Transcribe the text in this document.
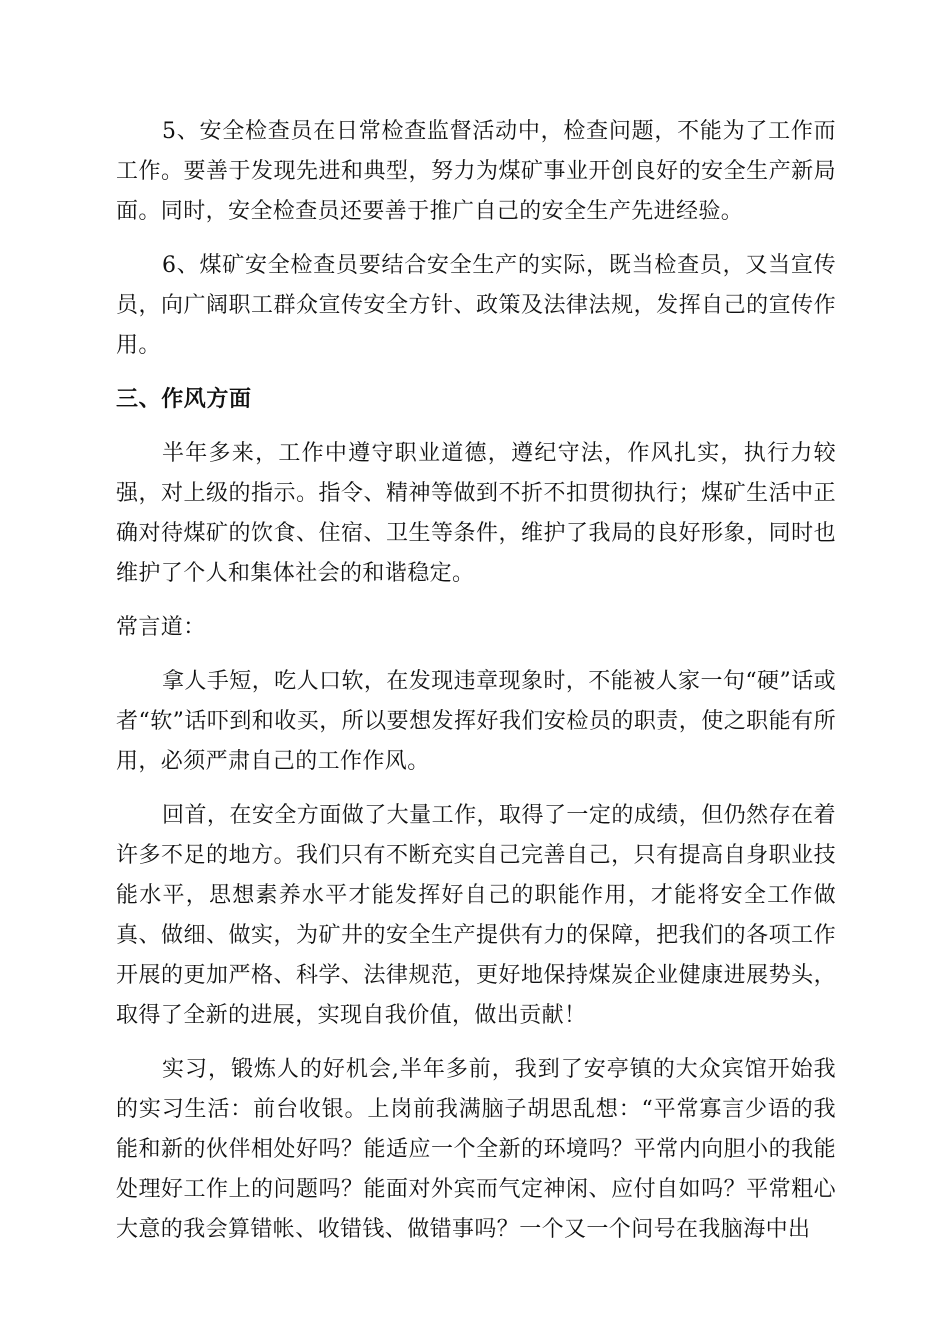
5、安全检查员在日常检查监督活动中，检查问题，不能为了工作而工作。要善于发现先进和典型，努力为煤矿事业开创良好的安全生产新局面。同时，安全检查员还要善于推广自己的安全生产先进经验。

6、煤矿安全检查员要结合安全生产的实际，既当检查员，又当宣传员，向广阔职工群众宣传安全方针、政策及法律法规，发挥自己的宣传作用。

三、作风方面

半年多来，工作中遵守职业道德，遵纪守法，作风扎实，执行力较强，对上级的指示。指令、精神等做到不折不扣贯彻执行；煤矿生活中正确对待煤矿的饮食、住宿、卫生等条件，维护了我局的良好形象，同时也维护了个人和集体社会的和谐稳定。

常言道：

拿人手短，吃人口软，在发现违章现象时，不能被人家一句“硬”话或者“软”话吓到和收买，所以要想发挥好我们安检员的职责，使之职能有所用，必须严肃自己的工作作风。

回首，在安全方面做了大量工作，取得了一定的成绩，但仍然存在着许多不足的地方。我们只有不断充实自己完善自己，只有提高自身职业技能水平，思想素养水平才能发挥好自己的职能作用，才能将安全工作做真、做细、做实，为矿井的安全生产提供有力的保障，把我们的各项工作开展的更加严格、科学、法律规范，更好地保持煤炭企业健康进展势头，取得了全新的进展，实现自我价值，做出贡献！

实习，锻炼人的好机会,半年多前，我到了安亭镇的大众宾馆开始我的实习生活：前台收银。上岗前我满脑子胡思乱想：“平常寡言少语的我能和新的伙伴相处好吗？能适应一个全新的环境吗？平常内向胆小的我能处理好工作上的问题吗？能面对外宾而气定神闲、应付自如吗？平常粗心大意的我会算错帐、收错钱、做错事吗？一个又一个问号在我脑海中出
